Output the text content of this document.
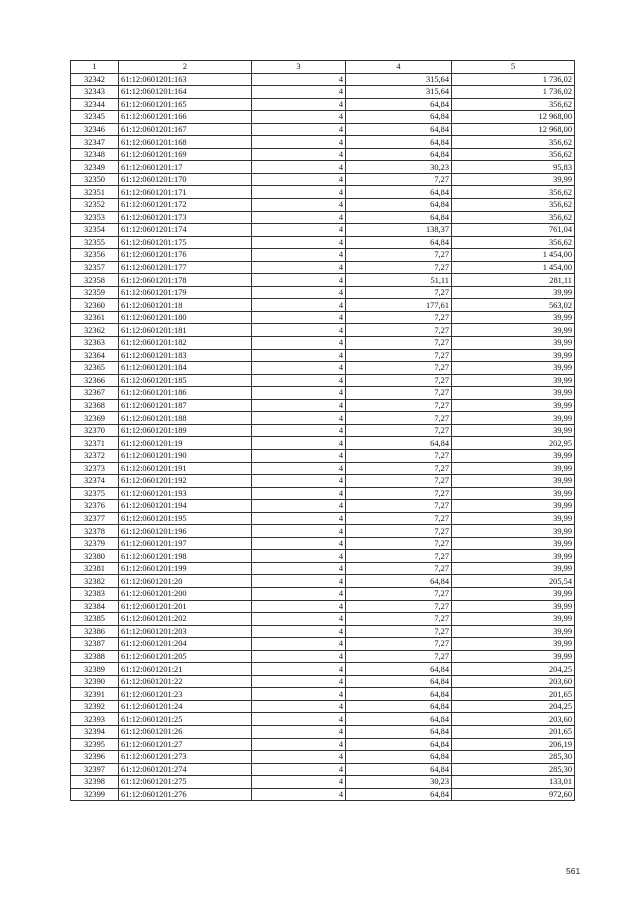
1	2	3	4	5
32342	61:12:0601201:163	4	315,64	1 736,02
32343	61:12:0601201:164	4	315,64	1 736,02
32344	61:12:0601201:165	4	64,84	356,62
32345	61:12:0601201:166	4	64,84	12 968,00
32346	61:12:0601201:167	4	64,84	12 968,00
32347	61:12:0601201:168	4	64,84	356,62
32348	61:12:0601201:169	4	64,84	356,62
32349	61:12:0601201:17	4	30,23	95,83
32350	61:12:0601201:170	4	7,27	39,99
32351	61:12:0601201:171	4	64,84	356,62
32352	61:12:0601201:172	4	64,84	356,62
32353	61:12:0601201:173	4	64,84	356,62
32354	61:12:0601201:174	4	138,37	761,04
32355	61:12:0601201:175	4	64,84	356,62
32356	61:12:0601201:176	4	7,27	1 454,00
32357	61:12:0601201:177	4	7,27	1 454,00
32358	61:12:0601201:178	4	51,11	281,11
32359	61:12:0601201:179	4	7,27	39,99
32360	61:12:0601201:18	4	177,61	563,02
32361	61:12:0601201:180	4	7,27	39,99
32362	61:12:0601201:181	4	7,27	39,99
32363	61:12:0601201:182	4	7,27	39,99
32364	61:12:0601201:183	4	7,27	39,99
32365	61:12:0601201:184	4	7,27	39,99
32366	61:12:0601201:185	4	7,27	39,99
32367	61:12:0601201:186	4	7,27	39,99
32368	61:12:0601201:187	4	7,27	39,99
32369	61:12:0601201:188	4	7,27	39,99
32370	61:12:0601201:189	4	7,27	39,99
32371	61:12:0601201:19	4	64,84	202,95
32372	61:12:0601201:190	4	7,27	39,99
32373	61:12:0601201:191	4	7,27	39,99
32374	61:12:0601201:192	4	7,27	39,99
32375	61:12:0601201:193	4	7,27	39,99
32376	61:12:0601201:194	4	7,27	39,99
32377	61:12:0601201:195	4	7,27	39,99
32378	61:12:0601201:196	4	7,27	39,99
32379	61:12:0601201:197	4	7,27	39,99
32380	61:12:0601201:198	4	7,27	39,99
32381	61:12:0601201:199	4	7,27	39,99
32382	61:12:0601201:20	4	64,84	205,54
32383	61:12:0601201:200	4	7,27	39,99
32384	61:12:0601201:201	4	7,27	39,99
32385	61:12:0601201:202	4	7,27	39,99
32386	61:12:0601201:203	4	7,27	39,99
32387	61:12:0601201:204	4	7,27	39,99
32388	61:12:0601201:205	4	7,27	39,99
32389	61:12:0601201:21	4	64,84	204,25
32390	61:12:0601201:22	4	64,84	203,60
32391	61:12:0601201:23	4	64,84	201,65
32392	61:12:0601201:24	4	64,84	204,25
32393	61:12:0601201:25	4	64,84	203,60
32394	61:12:0601201:26	4	64,84	201,65
32395	61:12:0601201:27	4	64,84	206,19
32396	61:12:0601201:273	4	64,84	285,30
32397	61:12:0601201:274	4	64,84	285,30
32398	61:12:0601201:275	4	30,23	133,01
32399	61:12:0601201:276	4	64,84	972,60
561
